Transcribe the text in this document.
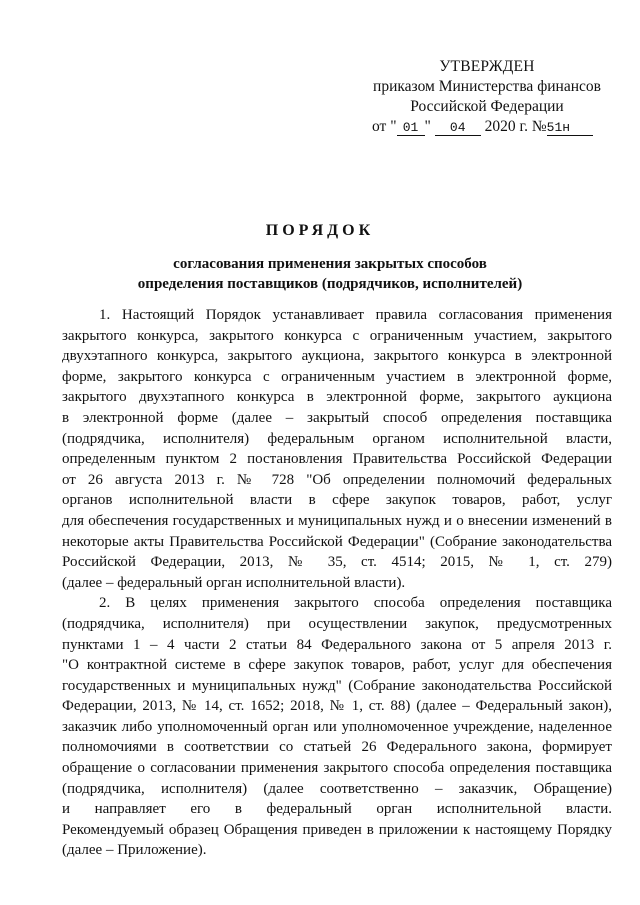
УТВЕРЖДЕН
приказом Министерства финансов
Российской Федерации
от " 01 " 04 2020 г. №51н
ПОРЯДОК
согласования применения закрытых способов
определения поставщиков (подрядчиков, исполнителей)
1. Настоящий Порядок устанавливает правила согласования применения
закрытого конкурса, закрытого конкурса с ограниченным участием, закрытого
двухэтапного конкурса, закрытого аукциона, закрытого конкурса в электронной
форме, закрытого конкурса с ограниченным участием в электронной форме,
закрытого двухэтапного конкурса в электронной форме, закрытого аукциона
в электронной форме (далее – закрытый способ определения поставщика
(подрядчика, исполнителя) федеральным органом исполнительной власти,
определенным пунктом 2 постановления Правительства Российской Федерации
от 26 августа 2013 г. № 728 "Об определении полномочий федеральных
органов исполнительной власти в сфере закупок товаров, работ, услуг
для обеспечения государственных и муниципальных нужд и о внесении изменений в
некоторые акты Правительства Российской Федерации" (Собрание законодательства
Российской Федерации, 2013, № 35, ст. 4514; 2015, № 1, ст. 279)
(далее – федеральный орган исполнительной власти).
2. В целях применения закрытого способа определения поставщика
(подрядчика, исполнителя) при осуществлении закупок, предусмотренных
пунктами 1 – 4 части 2 статьи 84 Федерального закона от 5 апреля 2013 г.
"О контрактной системе в сфере закупок товаров, работ, услуг для обеспечения
государственных и муниципальных нужд" (Собрание законодательства Российской
Федерации, 2013, № 14, ст. 1652; 2018, № 1, ст. 88) (далее – Федеральный закон),
заказчик либо уполномоченный орган или уполномоченное учреждение, наделенное
полномочиями в соответствии со статьей 26 Федерального закона, формирует
обращение о согласовании применения закрытого способа определения поставщика
(подрядчика, исполнителя) (далее соответственно – заказчик, Обращение)
и направляет его в федеральный орган исполнительной власти.
Рекомендуемый образец Обращения приведен в приложении к настоящему Порядку
(далее – Приложение).
